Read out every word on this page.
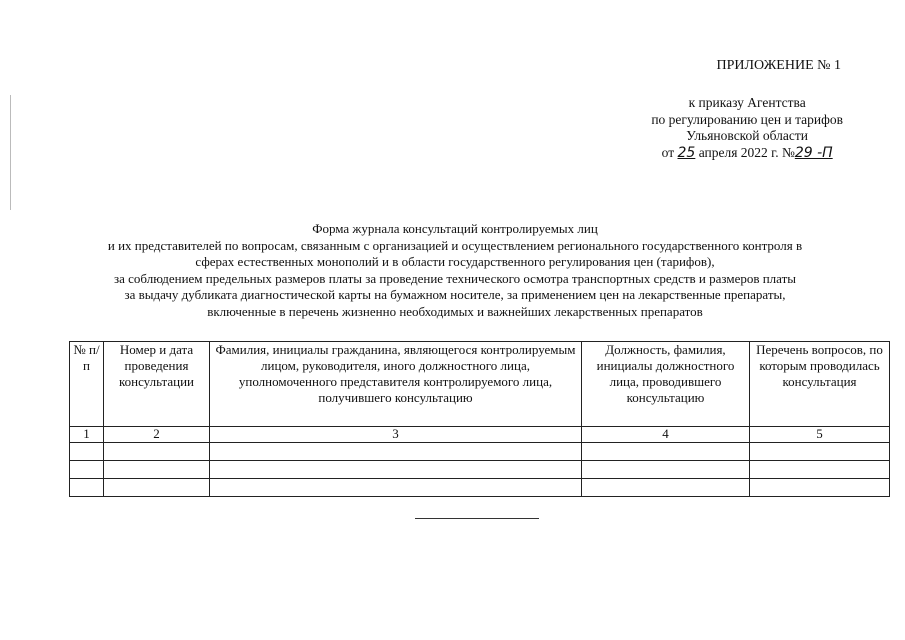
ПРИЛОЖЕНИЕ № 1
к приказу Агентства
по регулированию цен и тарифов
Ульяновской области
от 25 апреля 2022 г. №29 -П
Форма журнала консультаций контролируемых лиц
и их представителей по вопросам, связанным с организацией и осуществлением регионального государственного контроля в
сферах естественных монополий и в области государственного регулирования цен (тарифов),
за соблюдением предельных размеров платы за проведение технического осмотра транспортных средств и размеров платы
за выдачу дубликата диагностической карты на бумажном носителе, за применением цен на лекарственные препараты,
включенные в перечень жизненно необходимых и важнейших лекарственных препаратов
№ п/п	Номер и дата проведения консультации	Фамилия, инициалы гражданина, являющегося контролируемым лицом, руководителя, иного должностного лица, уполномоченного представителя контролируемого лица, получившего консультацию	Должность, фамилия, инициалы должностного лица, проводившего консультацию	Перечень вопросов, по которым проводилась консультация
1	2	3	4	5
